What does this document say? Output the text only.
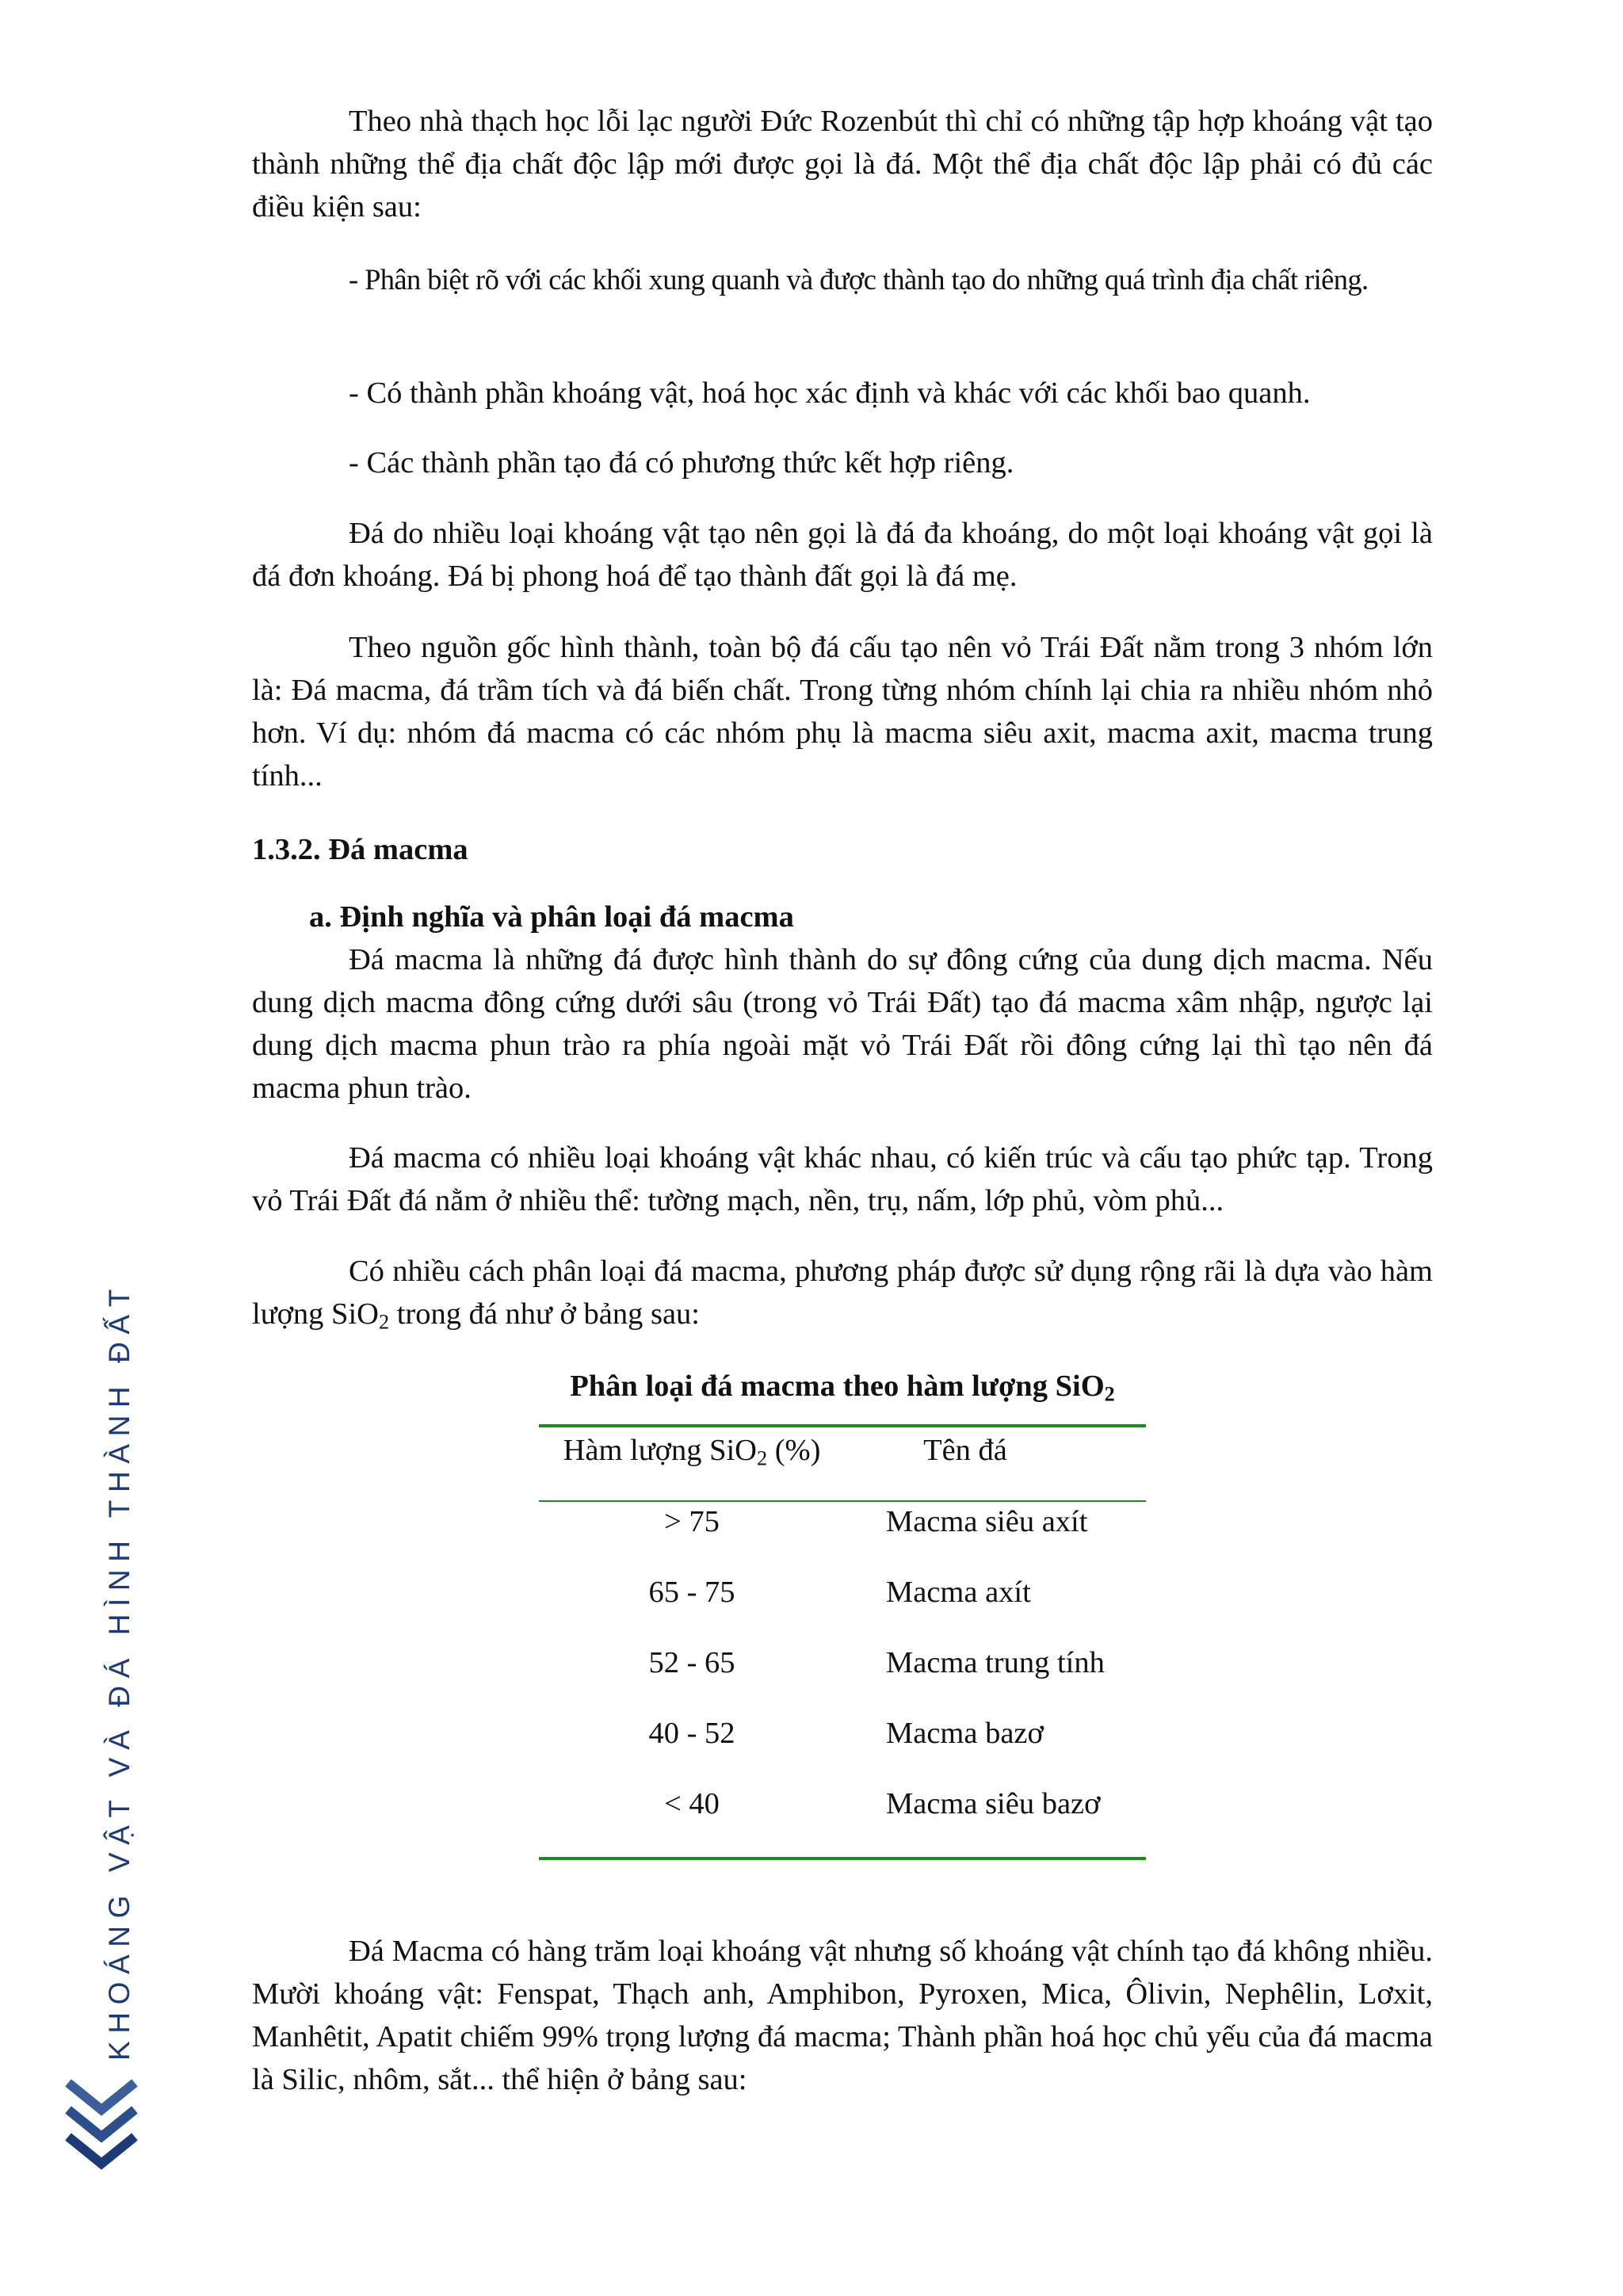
Theo nhà thạch học lỗi lạc người Đức Rozenbút thì chỉ có những tập hợp khoáng vật tạo thành những thể địa chất độc lập mới được gọi là đá. Một thể địa chất độc lập phải có đủ các điều kiện sau:

- Phân biệt rõ với các khối xung quanh và được thành tạo do những quá trình địa chất riêng.

- Có thành phần khoáng vật, hoá học xác định và khác với các khối bao quanh.

- Các thành phần tạo đá có phương thức kết hợp riêng.

Đá do nhiều loại khoáng vật tạo nên gọi là đá đa khoáng, do một loại khoáng vật gọi là đá đơn khoáng. Đá bị phong hoá để tạo thành đất gọi là đá mẹ.

Theo nguồn gốc hình thành, toàn bộ đá cấu tạo nên vỏ Trái Đất nằm trong 3 nhóm lớn là: Đá macma, đá trầm tích và đá biến chất. Trong từng nhóm chính lại chia ra nhiều nhóm nhỏ hơn. Ví dụ: nhóm đá macma có các nhóm phụ là macma siêu axit, macma axit, macma trung tính...

1.3.2. Đá macma

a. Định nghĩa và phân loại đá macma

Đá macma là những đá được hình thành do sự đông cứng của dung dịch macma. Nếu dung dịch macma đông cứng dưới sâu (trong vỏ Trái Đất) tạo đá macma xâm nhập, ngược lại dung dịch macma phun trào ra phía ngoài mặt vỏ Trái Đất rồi đông cứng lại thì tạo nên đá macma phun trào.

Đá macma có nhiều loại khoáng vật khác nhau, có kiến trúc và cấu tạo phức tạp. Trong vỏ Trái Đất đá nằm ở nhiều thể: tường mạch, nền, trụ, nấm, lớp phủ, vòm phủ...

Có nhiều cách phân loại đá macma, phương pháp được sử dụng rộng rãi là dựa vào hàm lượng SiO$_2$ trong đá như ở bảng sau:

Phân loại đá macma theo hàm lượng SiO$_2$
Hàm lượng SiO$_2$ (%)	Tên đá
> 75	Macma siêu axít
65 - 75	Macma axít
52 - 65	Macma trung tính
40 - 52	Macma bazơ
< 40	Macma siêu bazơ

Đá Macma có hàng trăm loại khoáng vật nhưng số khoáng vật chính tạo đá không nhiều. Mười khoáng vật: Fenspat, Thạch anh, Amphibon, Pyroxen, Mica, Ôlivin, Nephêlin, Lơxit, Manhêtit, Apatit chiếm 99% trọng lượng đá macma; Thành phần hoá học chủ yếu của đá macma là Silic, nhôm, sắt... thể hiện ở bảng sau:

KHOÁNG VẬT VÀ ĐÁ HÌNH THÀNH ĐẤT
